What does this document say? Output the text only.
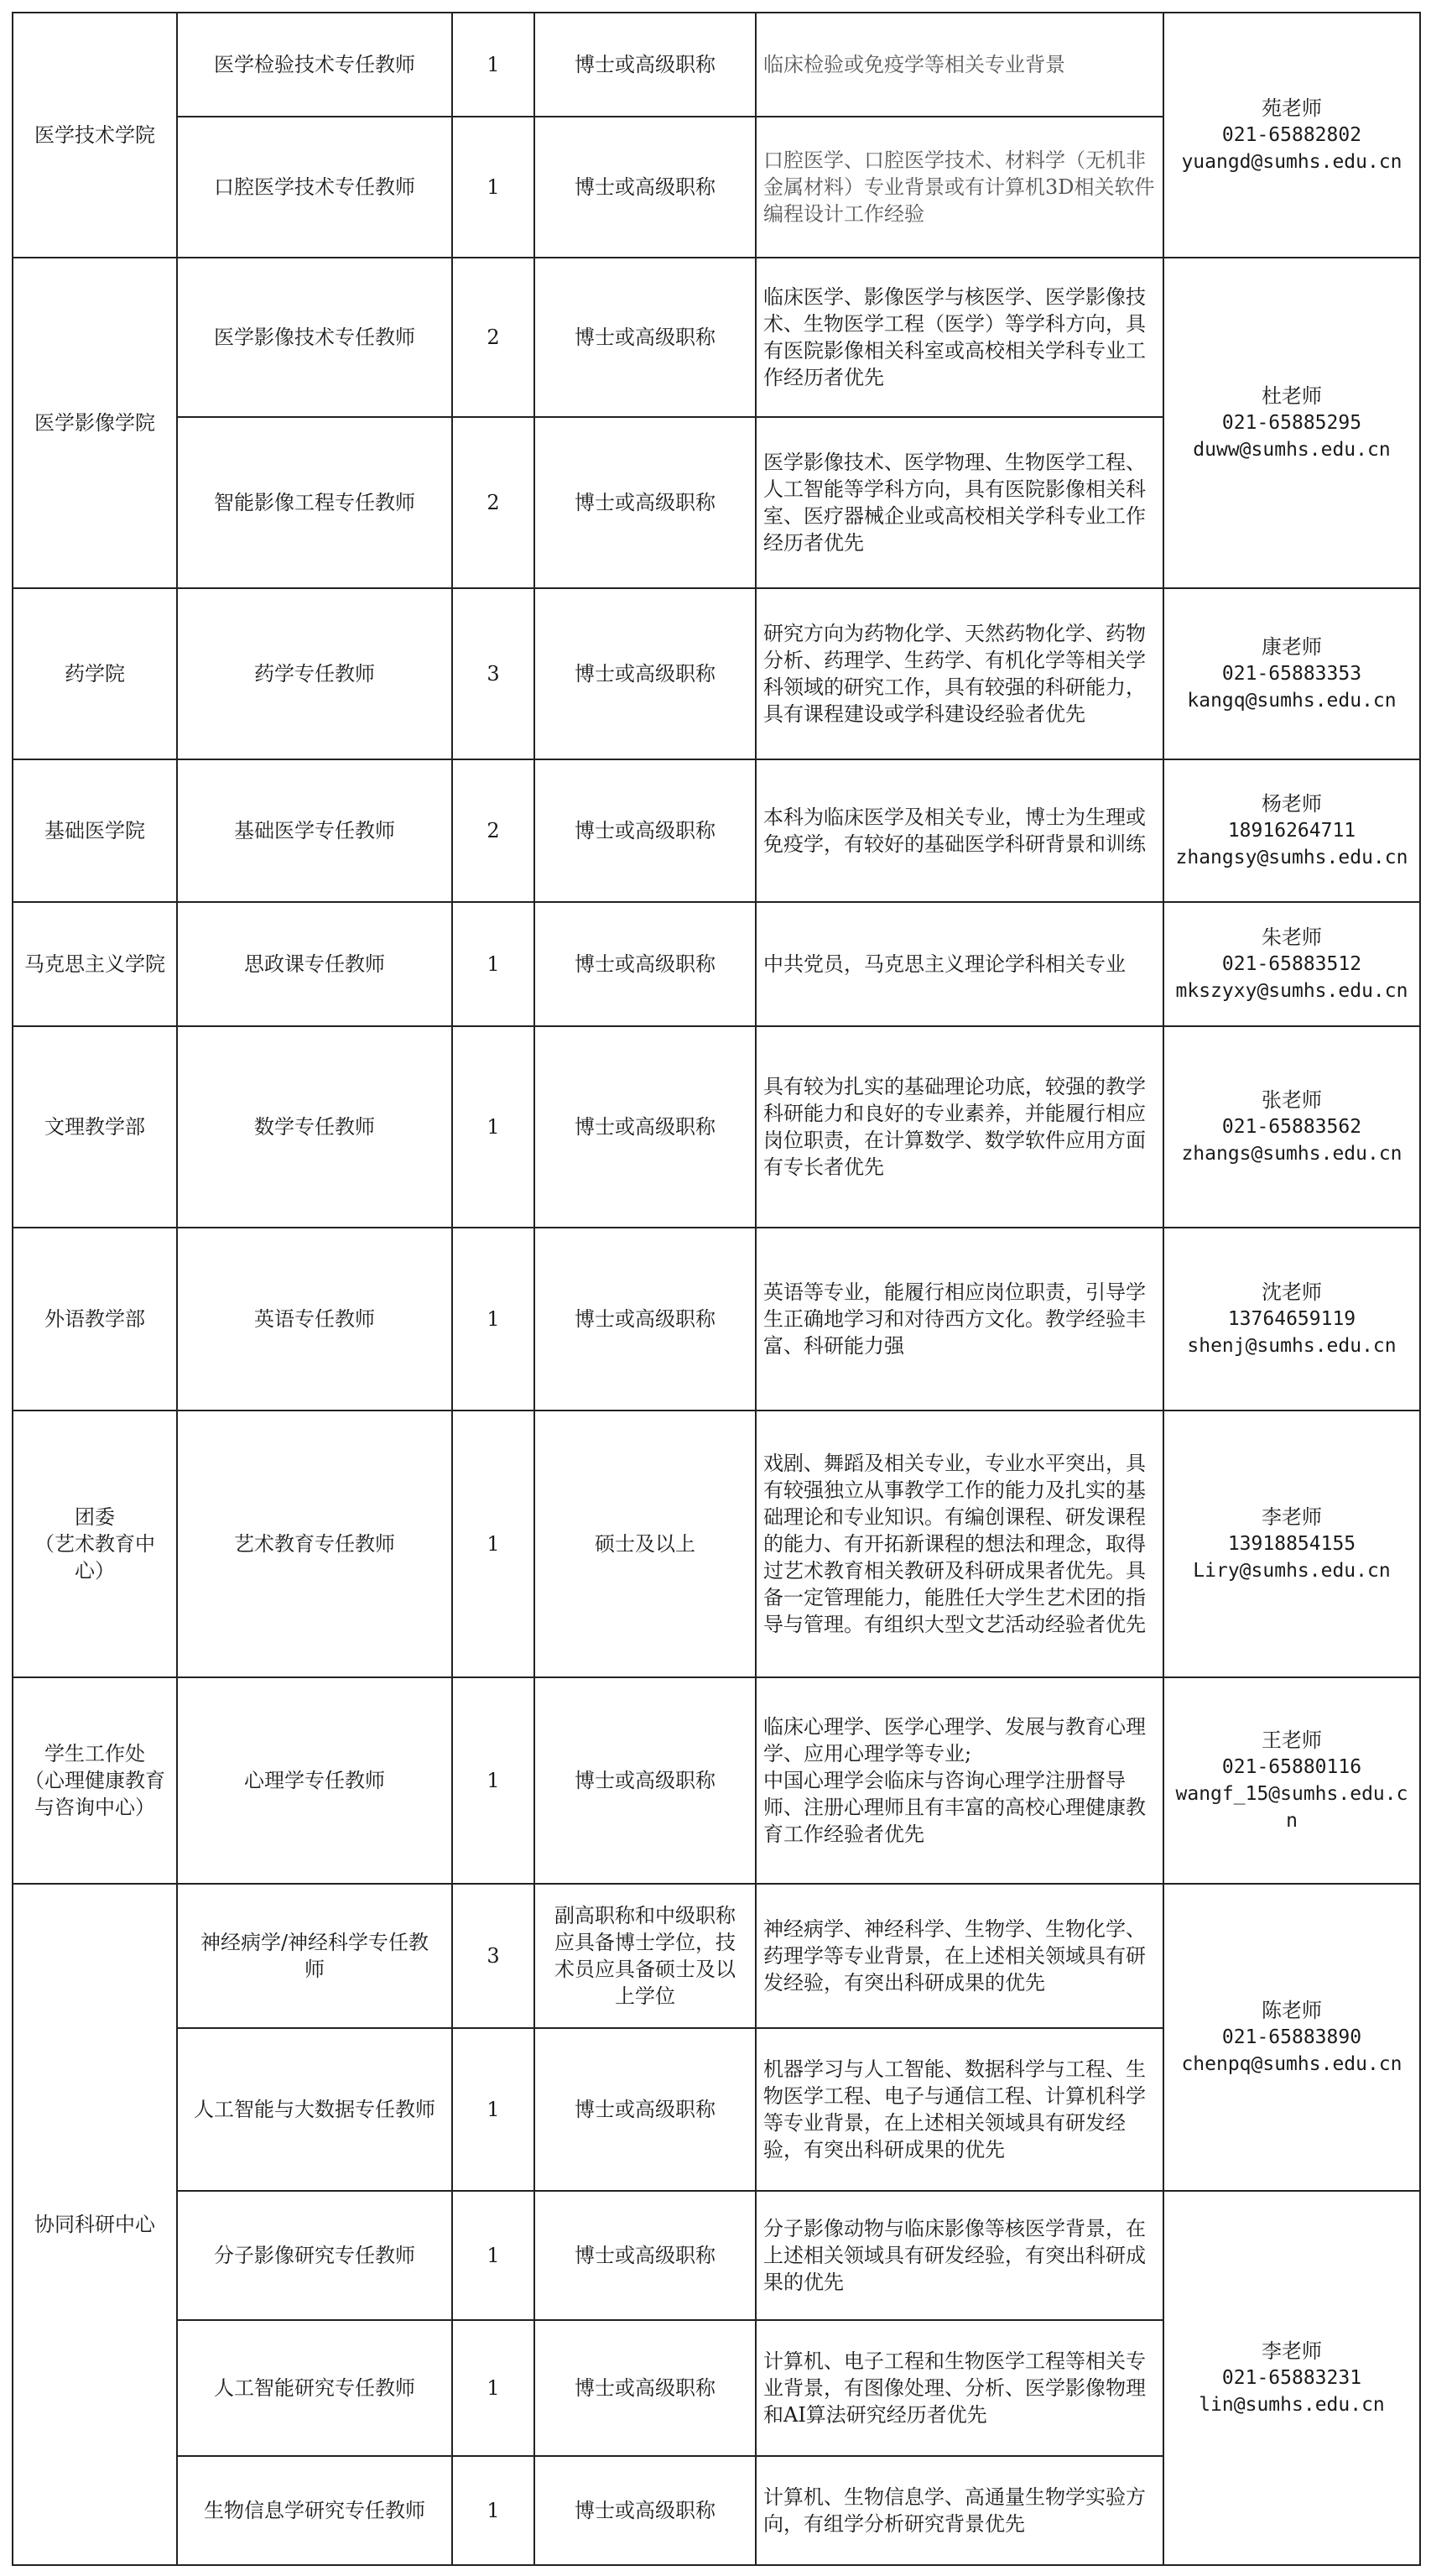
医学技术学院	医学检验技术专任教师	1	博士或高级职称	临床检验或免疫学等相关专业背景	苑老师
021-65882802
yuangd@sumhs.edu.cn

	口腔医学技术专任教师	1	博士或高级职称	口腔医学、口腔医学技术、材料学（无机非金属材料）专业背景或有计算机3D相关软件编程设计工作经验	
医学影像学院	医学影像技术专任教师	2	博士或高级职称	临床医学、影像医学与核医学、医学影像技术、生物医学工程（医学）等学科方向，具有医院影像相关科室或高校相关学科专业工作经历者优先	杜老师
021-65885295
duww@sumhs.edu.cn

	智能影像工程专任教师	2	博士或高级职称	医学影像技术、医学物理、生物医学工程、人工智能等学科方向，具有医院影像相关科室、医疗器械企业或高校相关学科专业工作经历者优先	
药学院	药学专任教师	3	博士或高级职称	研究方向为药物化学、天然药物化学、药物分析、药理学、生药学、有机化学等相关学科领域的研究工作，具有较强的科研能力，具有课程建设或学科建设经验者优先	康老师
021-65883353
kangq@sumhs.edu.cn

基础医学院	基础医学专任教师	2	博士或高级职称	本科为临床医学及相关专业，博士为生理或免疫学，有较好的基础医学科研背景和训练	杨老师
18916264711
zhangsy@sumhs.edu.cn

马克思主义学院	思政课专任教师	1	博士或高级职称	中共党员，马克思主义理论学科相关专业	朱老师
021-65883512
mkszyxy@sumhs.edu.cn

文理教学部	数学专任教师	1	博士或高级职称	具有较为扎实的基础理论功底，较强的教学科研能力和良好的专业素养，并能履行相应岗位职责，在计算数学、数学软件应用方面有专长者优先	张老师
021-65883562
zhangs@sumhs.edu.cn

外语教学部	英语专任教师	1	博士或高级职称	英语等专业，能履行相应岗位职责，引导学生正确地学习和对待西方文化。教学经验丰富、科研能力强	沈老师
13764659119
shenj@sumhs.edu.cn

团委
（艺术教育中
心）	艺术教育专任教师	1	硕士及以上	戏剧、舞蹈及相关专业，专业水平突出，具有较强独立从事教学工作的能力及扎实的基础理论和专业知识。有编创课程、研发课程的能力、有开拓新课程的想法和理念，取得过艺术教育相关教研及科研成果者优先。具备一定管理能力，能胜任大学生艺术团的指导与管理。有组织大型文艺活动经验者优先	李老师
13918854155
Liry@sumhs.edu.cn

学生工作处
（心理健康教育
与咨询中心）	心理学专任教师	1	博士或高级职称	临床心理学、医学心理学、发展与教育心理学、应用心理学等专业;
中国心理学会临床与咨询心理学注册督导师、注册心理师且有丰富的高校心理健康教育工作经验者优先	王老师
021-65880116
wangf_15@sumhs.edu.c
n

协同科研中心	神经病学/神经科学专任教
师	3	副高职称和中级职称
应具备博士学位，技
术员应具备硕士及以
上学位	神经病学、神经科学、生物学、生物化学、药理学等专业背景，在上述相关领域具有研发经验，有突出科研成果的优先	陈老师
021-65883890
chenpq@sumhs.edu.cn

	人工智能与大数据专任教师	1	博士或高级职称	机器学习与人工智能、数据科学与工程、生物医学工程、电子与通信工程、计算机科学等专业背景，在上述相关领域具有研发经验，有突出科研成果的优先	
	分子影像研究专任教师	1	博士或高级职称	分子影像动物与临床影像等核医学背景，在上述相关领域具有研发经验，有突出科研成果的优先	李老师
021-65883231
lin@sumhs.edu.cn

	人工智能研究专任教师	1	博士或高级职称	计算机、电子工程和生物医学工程等相关专业背景，有图像处理、分析、医学影像物理和AI算法研究经历者优先	
	生物信息学研究专任教师	1	博士或高级职称	计算机、生物信息学、高通量生物学实验方向，有组学分析研究背景优先	
